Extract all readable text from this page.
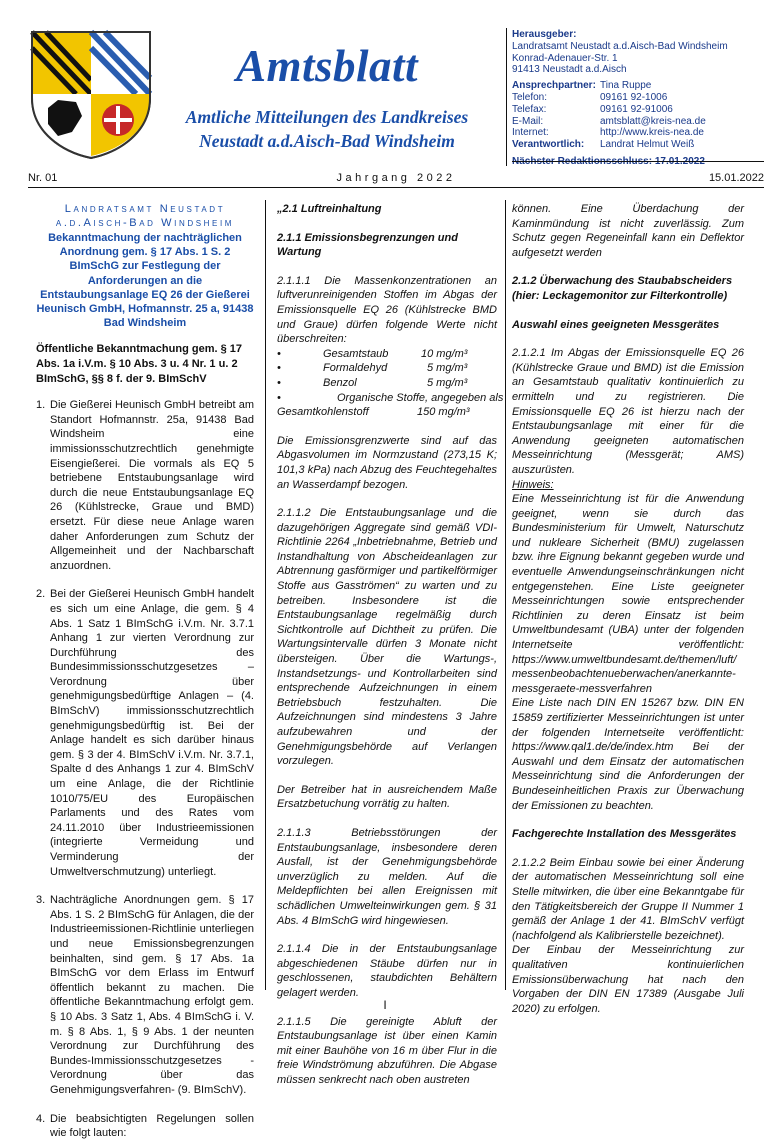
Amtsblatt
Amtliche Mitteilungen des Landkreises
Neustadt a.d.Aisch-Bad Windsheim
Herausgeber:
Landratsamt Neustadt a.d.Aisch-Bad Windsheim
Konrad-Adenauer-Str. 1
91413 Neustadt a.d.Aisch
Ansprechpartner: Tina Ruppe
Telefon:	09161 92-1006
Telefax:	09161 92-91006
E-Mail:	amtsblatt@kreis-nea.de
Internet:	http://www.kreis-nea.de
Verantwortlich: Landrat Helmut Weiß
Nr. 01	Jahrgang 2022	15.01.2022
Landratsamt Neustadt
a.d.Aisch-Bad Windsheim
Bekanntmachung der nachträglichen Anordnung gem. § 17 Abs. 1 S. 2 BImSchG zur Festlegung der Anforderungen an die Entstaubungsanlage EQ 26 der Gießerei Heunisch GmbH, Hofmannstr. 25 a, 91438 Bad Windsheim

Öffentliche Bekanntmachung gem. § 17 Abs. 1a i.V.m. § 10 Abs. 3 u. 4 Nr. 1 u. 2 BImSchG, §§ 8 f. der 9. BImSchV

1. Die Gießerei Heunisch GmbH betreibt am Standort Hofmannstr. 25a, 91438 Bad Windsheim eine immissionsschutzrechtlich genehmigte Eisengießerei. Die vormals als EQ 5 betriebene Entstaubungsanlage wird durch die neue Entstaubungsanlage EQ 26 (Kühlstrecke, Graue und BMD) ersetzt. Für diese neue Anlage waren daher Anforderungen zum Schutz der Allgemeinheit und der Nachbarschaft anzuordnen.
2. Bei der Gießerei Heunisch GmbH handelt es sich um eine Anlage, die gem. § 4 Abs. 1 Satz 1 BImSchG i.V.m. Nr. 3.7.1 Anhang 1 zur vierten Verordnung zur Durchführung des Bundesimmissionsschutzgesetzes – Verordnung über genehmigungsbedürftige Anlagen – (4. BImSchV) immissionsschutzrechtlich genehmigungsbedürftig ist. Bei der Anlage handelt es sich darüber hinaus gem. § 3 der 4. BImSchV i.V.m. Nr. 3.7.1, Spalte d des Anhangs 1 zur 4. BImSchV um eine Anlage, die der Richtlinie 1010/75/EU des Europäischen Parlaments und des Rates vom 24.11.2010 über Industrieemissionen (integrierte Vermeidung und Verminderung der Umweltverschmutzung) unterliegt.
3. Nachträgliche Anordnungen gem. § 17 Abs. 1 S. 2 BImSchG für Anlagen, die der Industrieemissionen-Richtlinie unterliegen und neue Emissionsbegrenzungen beinhalten, sind gem. § 17 Abs. 1a BImSchG vor dem Erlass im Entwurf öffentlich bekannt zu machen. Die öffentliche Bekanntmachung erfolgt gem. § 10 Abs. 3 Satz 1, Abs. 4 BImSchG i. V. m. § 8 Abs. 1, § 9 Abs. 1 der neunten Verordnung zur Durchführung des Bundes-Immissionsschutzgesetzes -Verordnung über das Genehmigungsverfahren- (9. BImSchV).
4. Die beabsichtigten Regelungen sollen wie folgt lauten:

„2.1 Luftreinhaltung

2.1.1 Emissionsbegrenzungen und Wartung

2.1.1.1 Die Massenkonzentrationen an luftverunreinigenden Stoffen im Abgas der Emissionsquelle EQ 26 (Kühlstrecke BMD und Graue) dürfen folgende Werte nicht überschreiten:

•	Gesamtstaub	10 mg/m³
•	Formaldehyd	5 mg/m³
•	Benzol	5 mg/m³
•	Organische Stoffe, angegeben als
Gesamtkohlenstoff	150 mg/m³

Die Emissionsgrenzwerte sind auf das Abgasvolumen im Normzustand (273,15 K; 101,3 kPa) nach Abzug des Feuchtegehaltes an Wasserdampf bezogen.

2.1.1.2 Die Entstaubungsanlage und die dazugehörigen Aggregate sind gemäß VDI-Richtlinie 2264 „Inbetriebnahme, Betrieb und Instandhaltung von Abscheideanlagen zur Abtrennung gasförmiger und partikelförmiger Stoffe aus Gasströmen“ zu warten und zu betreiben. Insbesondere ist die Entstaubungsanlage regelmäßig durch Sichtkontrolle auf Dichtheit zu prüfen. Die Wartungsintervalle dürfen 3 Monate nicht übersteigen. Über die Wartungs-, Instandsetzungs- und Kontrollarbeiten sind entsprechende Aufzeichnungen in einem Betriebsbuch festzuhalten. Die Aufzeichnungen sind mindestens 3 Jahre aufzubewahren und der Genehmigungsbehörde auf Verlangen vorzulegen.

Der Betreiber hat in ausreichendem Maße Ersatzbetuchung vorrätig zu halten.

2.1.1.3 Betriebsstörungen der Entstaubungsanlage, insbesondere deren Ausfall, ist der Genehmigungsbehörde unverzüglich zu melden. Auf die Meldepflichten bei allen Ereignissen mit schädlichen Umwelteinwirkungen gem. § 31 Abs. 4 BImSchG wird hingewiesen.

2.1.1.4 Die in der Entstaubungsanlage abgeschiedenen Stäube dürfen nur in geschlossenen, staubdichten Behältern gelagert werden.

2.1.1.5 Die gereinigte Abluft der Entstaubungsanlage ist über einen Kamin mit einer Bauhöhe von 16 m über Flur in die freie Windströmung abzuführen. Die Abgase müssen senkrecht nach oben austreten

können. Eine Überdachung der Kaminmündung ist nicht zuverlässig. Zum Schutz gegen Regeneinfall kann ein Deflektor aufgesetzt werden

2.1.2 Überwachung des Staubabscheiders (hier: Leckagemonitor zur Filterkontrolle)

Auswahl eines geeigneten Messgerätes

2.1.2.1 Im Abgas der Emissionsquelle EQ 26 (Kühlstrecke Graue und BMD) ist die Emission an Gesamtstaub qualitativ kontinuierlich zu ermitteln und zu registrieren. Die Emissionsquelle EQ 26 ist hierzu nach der Entstaubungsanlage mit einer für die Anwendung geeigneten automatischen Messeinrichtung (Messgerät; AMS) auszurüsten.

Hinweis:

Eine Messeinrichtung ist für die Anwendung geeignet, wenn sie durch das Bundesministerium für Umwelt, Naturschutz und nukleare Sicherheit (BMU) zugelassen bzw. ihre Eignung bekannt gegeben wurde und eventuelle Anwendungseinschränkungen nicht entgegenstehen. Eine Liste geeigneter Messeinrichtungen sowie entsprechender Richtlinien zu deren Einsatz ist beim Umweltbundesamt (UBA) unter der folgenden Internetseite veröffentlicht: https://www.umweltbundesamt.de/themen/luft/messenbeobachtenueberwachen/anerkannte-messgeraete-messverfahren

Eine Liste nach DIN EN 15267 bzw. DIN EN 15859 zertifizierter Messeinrichtungen ist unter der folgenden Internetseite veröffentlicht: https://www.qal1.de/de/index.htm Bei der Auswahl und dem Einsatz der automatischen Messeinrichtung sind die Anforderungen der Bundeseinheitlichen Praxis zur Überwachung der Emissionen zu beachten.

Fachgerechte Installation des Messgerätes

2.1.2.2 Beim Einbau sowie bei einer Änderung der automatischen Messeinrichtung soll eine Stelle mitwirken, die über eine Bekanntgabe für den Tätigkeitsbereich der Gruppe II Nummer 1 gemäß der Anlage 1 der 41. BImSchV verfügt (nachfolgend als Kalibrierstelle bezeichnet).

Der Einbau der Messeinrichtung zur qualitativen kontinuierlichen Emissionsüberwachung hat nach den Vorgaben der DIN EN 17389 (Ausgabe Juli 2020) zu erfolgen.

I
